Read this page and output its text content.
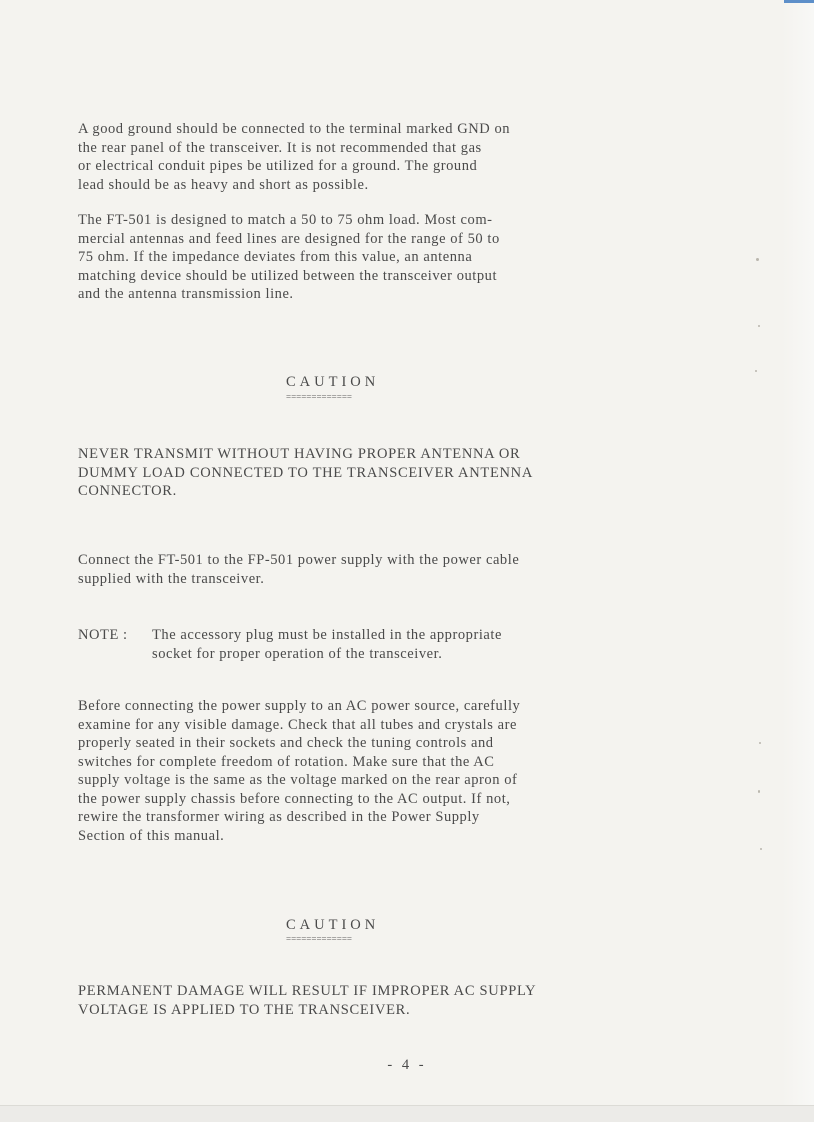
A good ground should be connected to the terminal marked GND on
the rear panel of the transceiver. It is not recommended that gas
or electrical conduit pipes be utilized for a ground. The ground
lead should be as heavy and short as possible.

The FT-501 is designed to match a 50 to 75 ohm load. Most com-
mercial antennas and feed lines are designed for the range of 50 to
75 ohm. If the impedance deviates from this value, an antenna
matching device should be utilized between the transceiver output
and the antenna transmission line.

CAUTION

=============

NEVER TRANSMIT WITHOUT HAVING PROPER ANTENNA OR
DUMMY LOAD CONNECTED TO THE TRANSCEIVER ANTENNA
CONNECTOR.

Connect the FT-501 to the FP-501 power supply with the power cable
supplied with the transceiver.

NOTE :	The accessory plug must be installed in the appropriate
socket for proper operation of the transceiver.

Before connecting the power supply to an AC power source, carefully
examine for any visible damage. Check that all tubes and crystals are
properly seated in their sockets and check the tuning controls and
switches for complete freedom of rotation. Make sure that the AC
supply voltage is the same as the voltage marked on the rear apron of
the power supply chassis before connecting to the AC output. If not,
rewire the transformer wiring as described in the Power Supply
Section of this manual.

CAUTION

=============

PERMANENT DAMAGE WILL RESULT IF IMPROPER AC SUPPLY
VOLTAGE IS APPLIED TO THE TRANSCEIVER.

- 4 -
